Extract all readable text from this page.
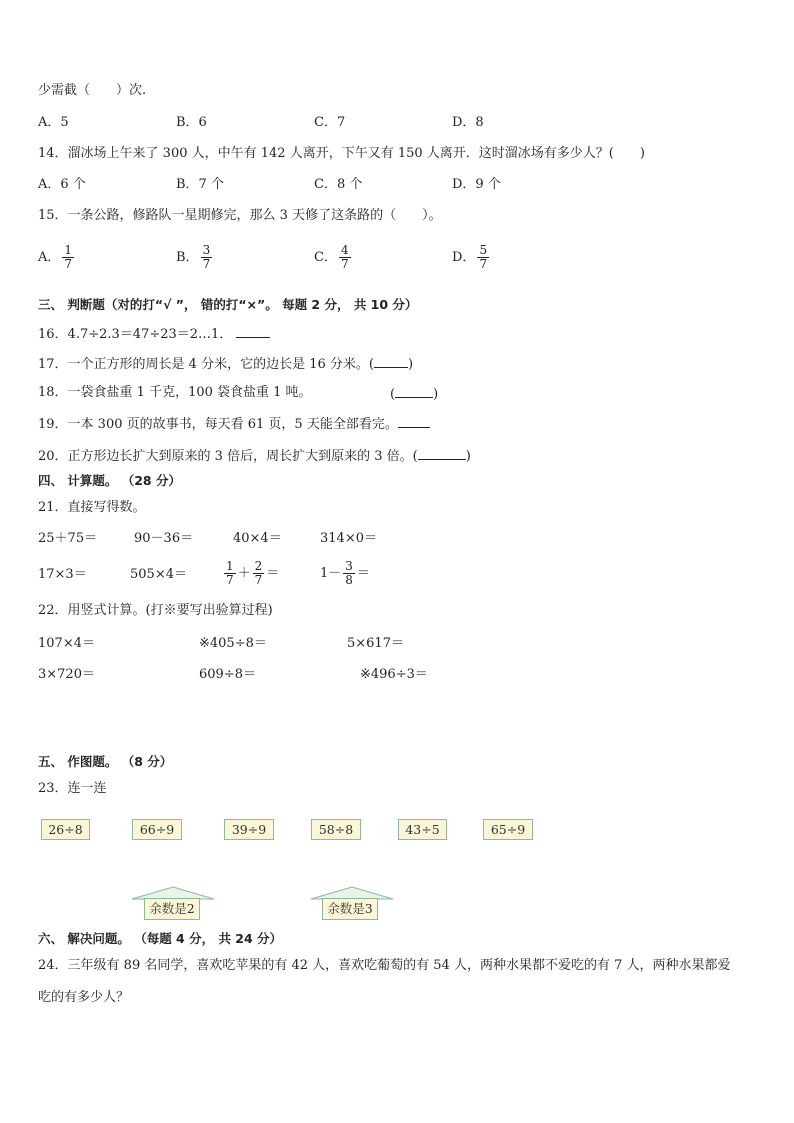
少需截（　　）次.
A．5	B．6	C．7	D．8
14．溜冰场上午来了 300 人，中午有 142 人离开，下午又有 150 人离开．这时溜冰场有多少人？(　　)
A．6 个	B．7 个	C．8 个	D．9 个
15．一条公路，修路队一星期修完，那么 3 天修了这条路的（　　）。
A． $\frac{1}{7}$	B． $\frac{3}{7}$	C． $\frac{4}{7}$	D． $\frac{5}{7}$
三、 判断题（对的打“√ ”， 错的打“×”。 每题 2 分， 共 10 分）
16．4.7÷2.3＝47÷23＝2…1．
17．一个正方形的周长是 4 分米，它的边长是 16 分米。(	)
18．一袋食盐重 1 千克，100 袋食盐重 1 吨。	(	)
19．一本 300 页的故事书，每天看 61 页，5 天能全部看完。
20．正方形边长扩大到原来的 3 倍后，周长扩大到原来的 3 倍。(	)
四、 计算题。 （28 分）
21．直接写得数。
25＋75＝	90－36＝	40×4＝	314×0＝
17×3＝	505×4＝	$\frac{1}{7} + \frac{2}{7}$ ＝	$1- \frac{3}{8}$ ＝
22．用竖式计算。(打※要写出验算过程)
107×4＝	※405÷8＝	5×617＝
3×720＝	609÷8＝	※496÷3＝
五、 作图题。 （8 分）
23．连一连
26÷8	66÷9	39÷9	58÷8	43÷5	65÷9
余数是2	余数是3
六、 解决问题。 （每题 4 分， 共 24 分）
24．三年级有 89 名同学，喜欢吃苹果的有 42 人，喜欢吃葡萄的有 54 人，两种水果都不爱吃的有 7 人，两种水果都爱
吃的有多少人？
